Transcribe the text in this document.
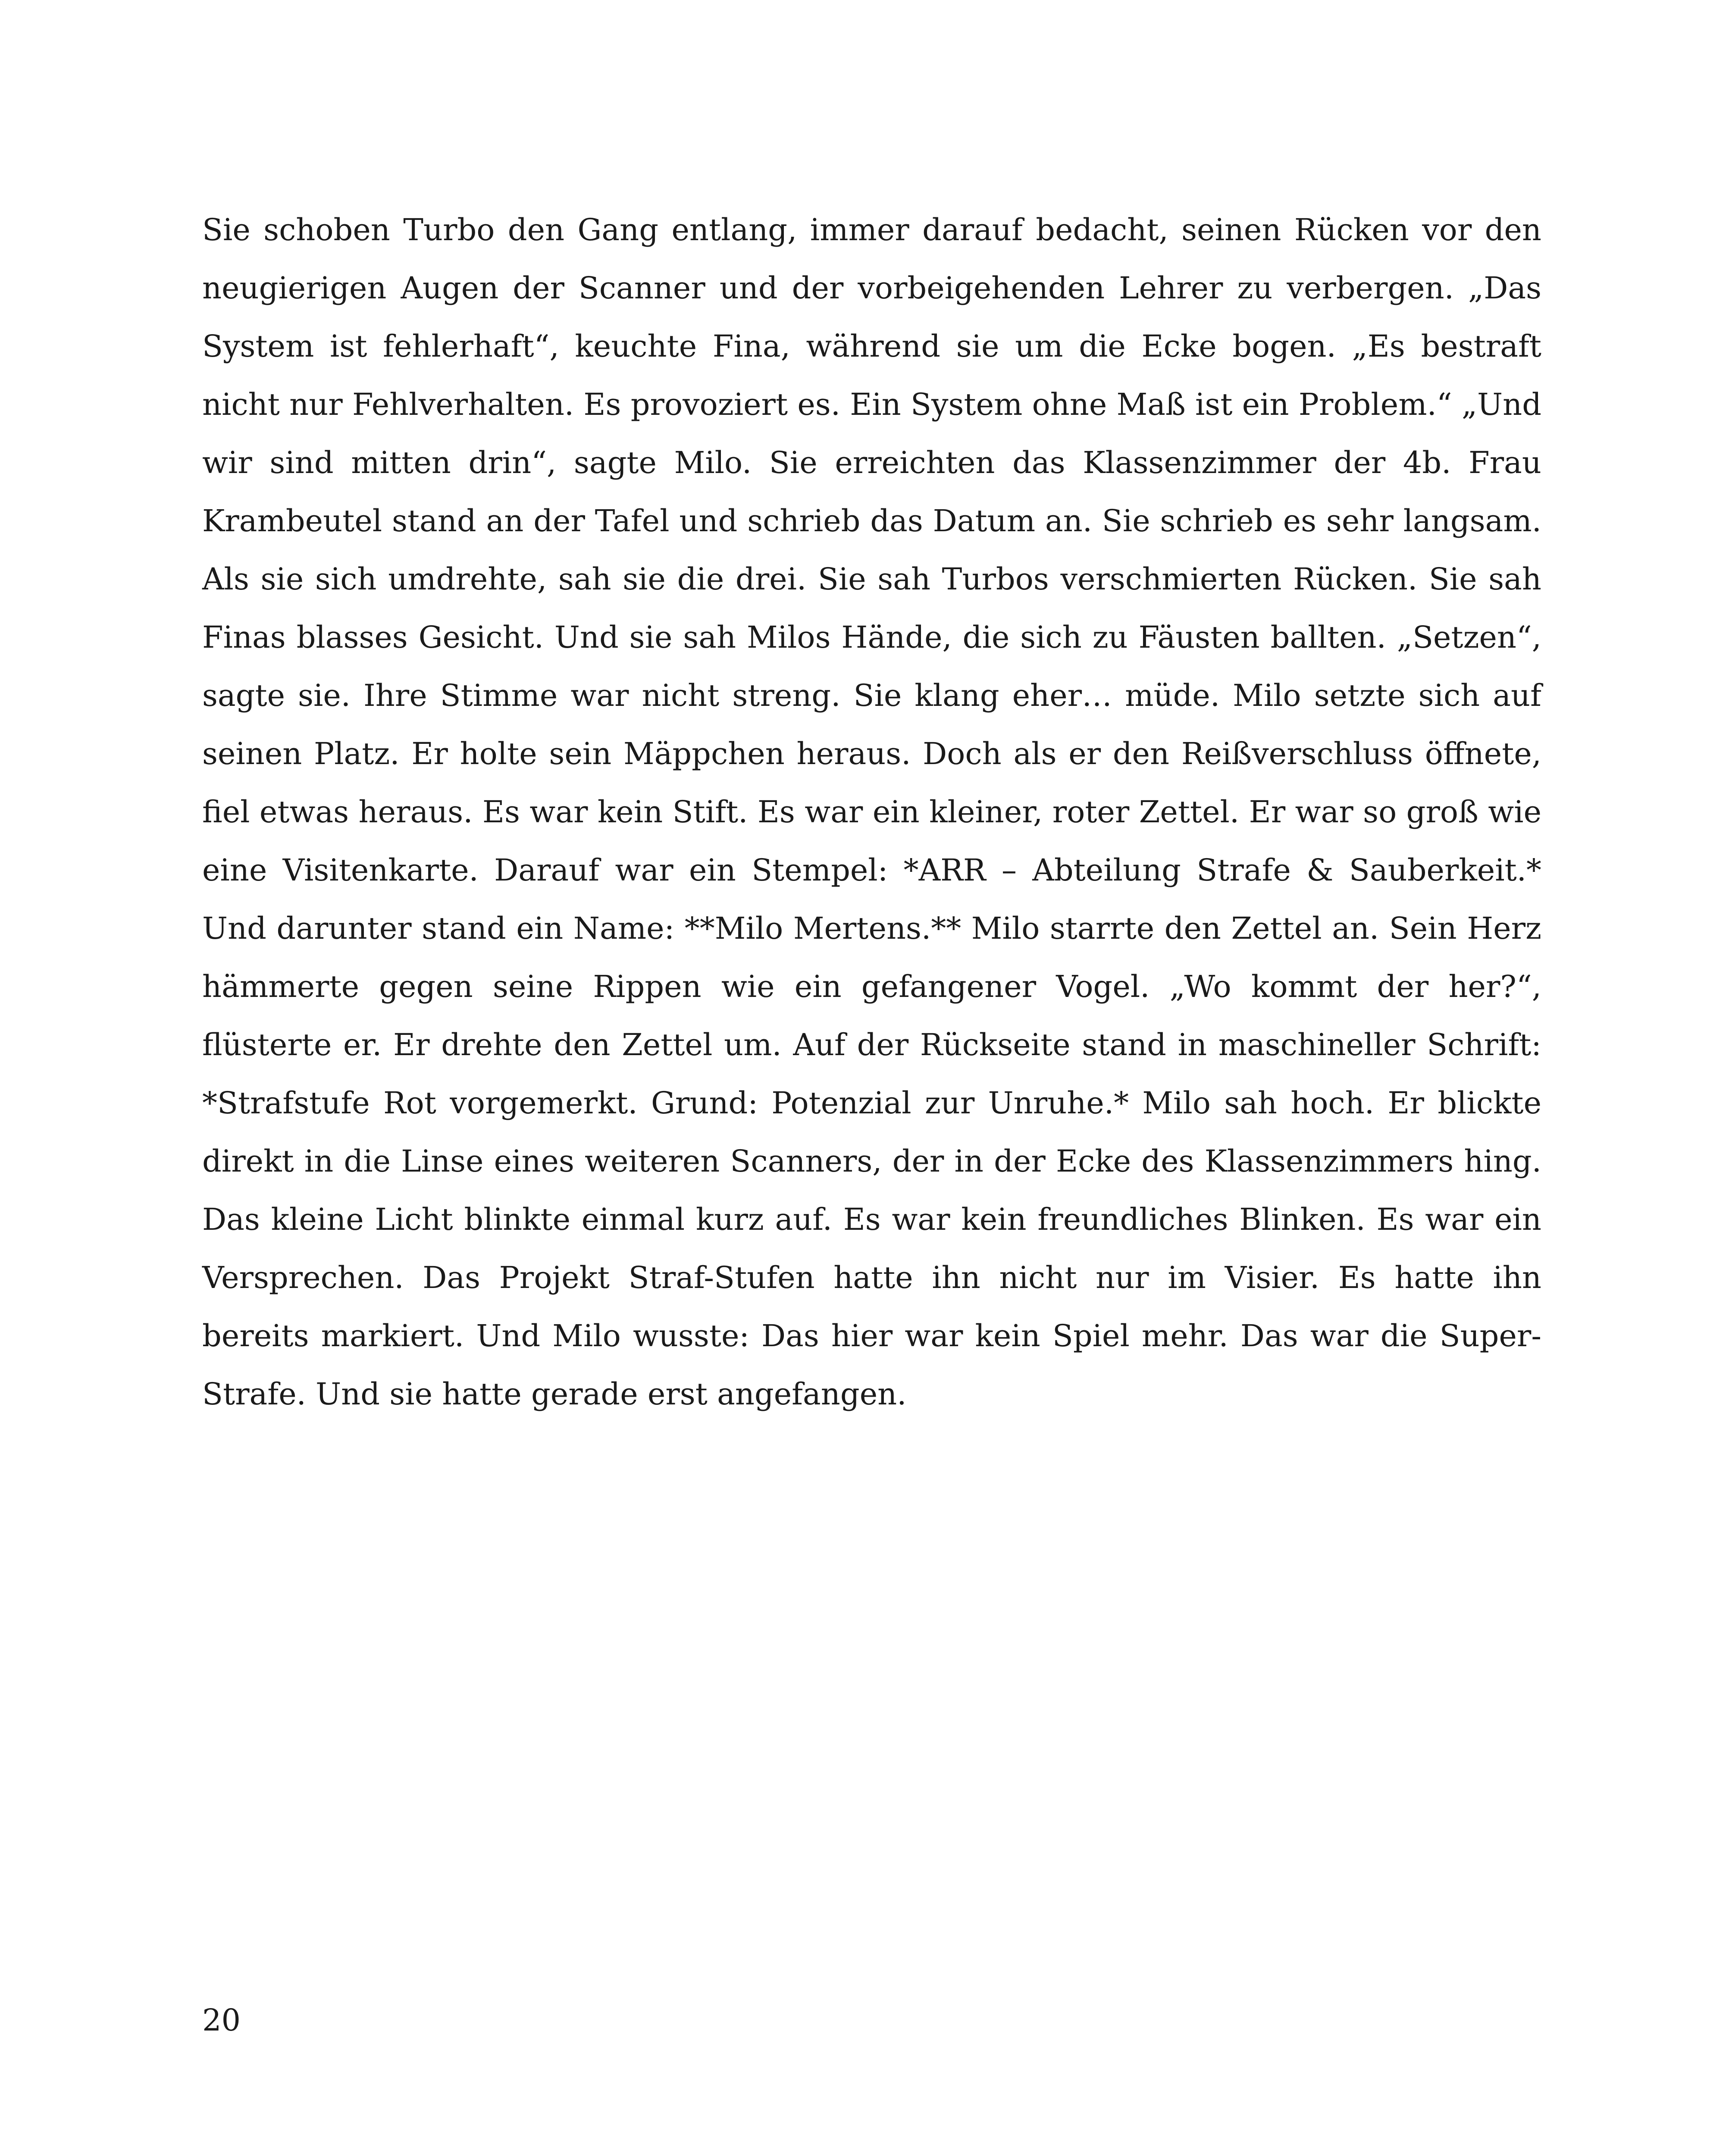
Sie schoben Turbo den Gang entlang, immer darauf bedacht, seinen Rücken vor den neugierigen Augen der Scanner und der vorbeigehenden Lehrer zu verbergen. „Das System ist fehlerhaft“, keuchte Fina, während sie um die Ecke bogen. „Es bestraft nicht nur Fehlverhalten. Es provoziert es. Ein System ohne Maß ist ein Problem.“ „Und wir sind mitten drin“, sagte Milo. Sie erreichten das Klassenzimmer der 4b. Frau Krambeutel stand an der Tafel und schrieb das Datum an. Sie schrieb es sehr langsam. Als sie sich umdrehte, sah sie die drei. Sie sah Turbos verschmierten Rücken. Sie sah Finas blasses Gesicht. Und sie sah Milos Hände, die sich zu Fäusten ballten. „Setzen“, sagte sie. Ihre Stimme war nicht streng. Sie klang eher… müde. Milo setzte sich auf seinen Platz. Er holte sein Mäppchen heraus. Doch als er den Reißverschluss öffnete, fiel etwas heraus. Es war kein Stift. Es war ein kleiner, roter Zettel. Er war so groß wie eine Visitenkarte. Darauf war ein Stempel: *ARR – Abteilung Strafe & Sauberkeit.* Und darunter stand ein Name: **Milo Mertens.** Milo starrte den Zettel an. Sein Herz hämmerte gegen seine Rippen wie ein gefangener Vogel. „Wo kommt der her?“, flüsterte er. Er drehte den Zettel um. Auf der Rückseite stand in maschineller Schrift: *Strafstufe Rot vorgemerkt. Grund: Potenzial zur Unruhe.* Milo sah hoch. Er blickte direkt in die Linse eines weiteren Scanners, der in der Ecke des Klassenzimmers hing. Das kleine Licht blinkte einmal kurz auf. Es war kein freundliches Blinken. Es war ein Versprechen. Das Projekt Straf-Stufen hatte ihn nicht nur im Visier. Es hatte ihn bereits markiert. Und Milo wusste: Das hier war kein Spiel mehr. Das war die Super-Strafe. Und sie hatte gerade erst angefangen.

20
